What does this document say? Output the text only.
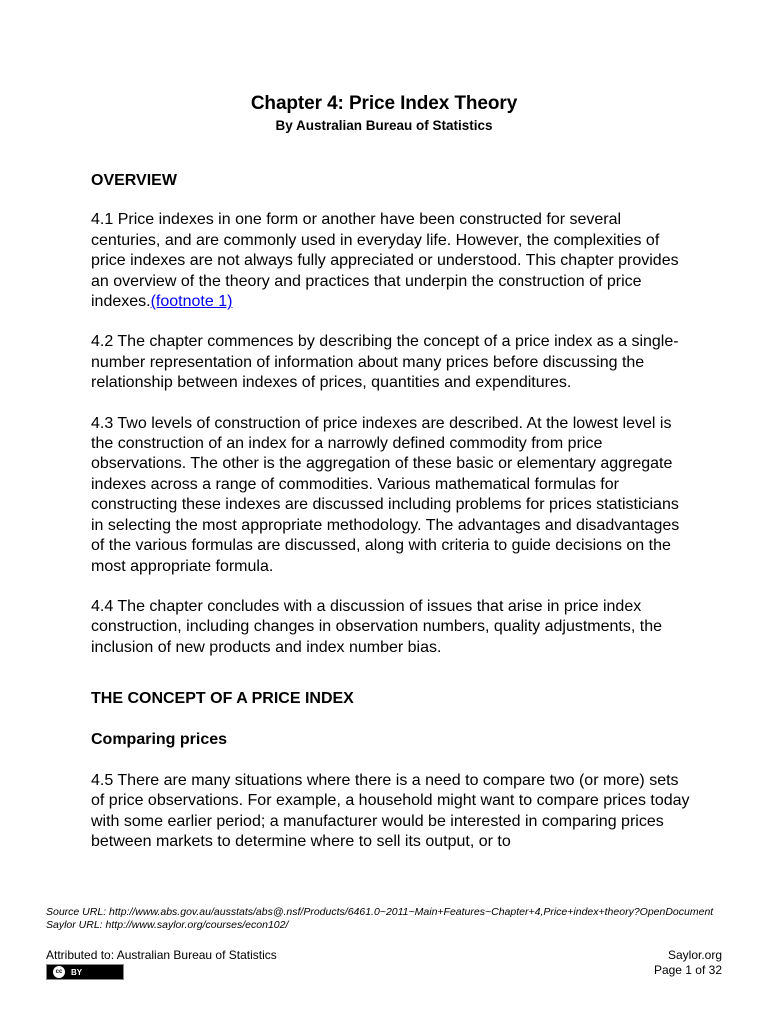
Chapter 4: Price Index Theory
By Australian Bureau of Statistics
OVERVIEW

4.1 Price indexes in one form or another have been constructed for several centuries, and are commonly used in everyday life. However, the complexities of price indexes are not always fully appreciated or understood. This chapter provides an overview of the theory and practices that underpin the construction of price indexes.(footnote 1)

4.2 The chapter commences by describing the concept of a price index as a single-number representation of information about many prices before discussing the relationship between indexes of prices, quantities and expenditures.

4.3 Two levels of construction of price indexes are described. At the lowest level is the construction of an index for a narrowly defined commodity from price observations. The other is the aggregation of these basic or elementary aggregate indexes across a range of commodities. Various mathematical formulas for constructing these indexes are discussed including problems for prices statisticians in selecting the most appropriate methodology. The advantages and disadvantages of the various formulas are discussed, along with criteria to guide decisions on the most appropriate formula.

4.4 The chapter concludes with a discussion of issues that arise in price index construction, including changes in observation numbers, quality adjustments, the inclusion of new products and index number bias.

THE CONCEPT OF A PRICE INDEX
Comparing prices

4.5 There are many situations where there is a need to compare two (or more) sets of price observations. For example, a household might want to compare prices today with some earlier period; a manufacturer would be interested in comparing prices between markets to determine where to sell its output, or to

Source URL: http://www.abs.gov.au/ausstats/abs@.nsf/Products/6461.0~2011~Main+Features~Chapter+4,Price+index+theory?OpenDocument
Saylor URL: http://www.saylor.org/courses/econ102/
Attributed to: Australian Bureau of Statistics
cc	BY
Saylor.org
Page 1 of 32
